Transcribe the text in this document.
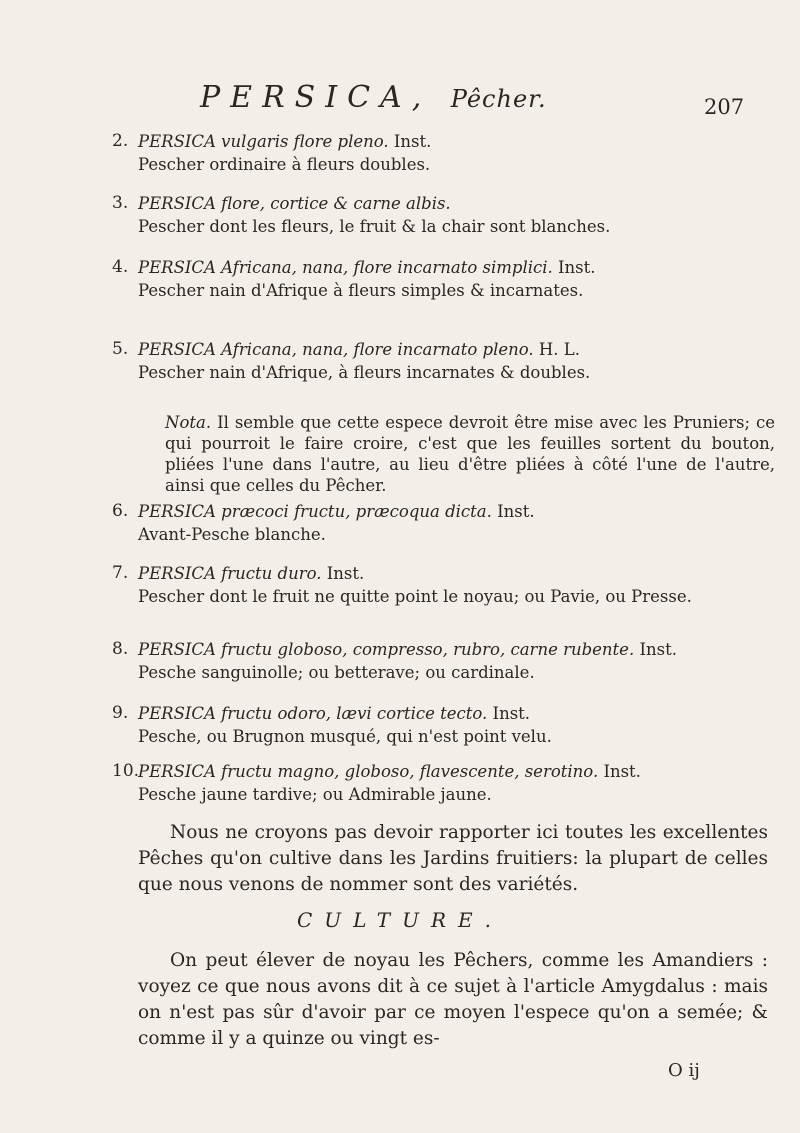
PERSICA, Pêcher.	207
2. PERSICA vulgaris flore pleno. Inst.
Pescher ordinaire à fleurs doubles.
3. PERSICA flore, cortice & carne albis.
Pescher dont les fleurs, le fruit & la chair sont blanches.
4. PERSICA Africana, nana, flore incarnato simplici. Inst.
Pescher nain d'Afrique à fleurs simples & incarnates.
5. PERSICA Africana, nana, flore incarnato pleno. H. L.
Pescher nain d'Afrique, à fleurs incarnates & doubles.
Nota. Il semble que cette espece devroit être mise avec les Pruniers; ce qui pourroit le faire croire, c'est que les feuilles sortent du bouton, pliées l'une dans l'autre, au lieu d'être pliées à côté l'une de l'autre, ainsi que celles du Pêcher.
6. PERSICA præcoci fructu, præcoqua dicta. Inst.
Avant-Pesche blanche.
7. PERSICA fructu duro. Inst.
Pescher dont le fruit ne quitte point le noyau; ou Pavie, ou Presse.
8. PERSICA fructu globoso, compresso, rubro, carne rubente. Inst.
Pesche sanguinolle; ou betterave; ou cardinale.
9. PERSICA fructu odoro, lævi cortice tecto. Inst.
Pesche, ou Brugnon musqué, qui n'est point velu.
10.
PERSICA fructu magno, globoso, flavescente, serotino. Inst.
Pesche jaune tardive; ou Admirable jaune.
Nous ne croyons pas devoir rapporter ici toutes les excellentes Pêches qu'on cultive dans les Jardins fruitiers: la plupart de celles que nous venons de nommer sont des variétés.
CULTURE.
On peut élever de noyau les Pêchers, comme les Amandiers : voyez ce que nous avons dit à ce sujet à l'article Amygdalus : mais on n'est pas sûr d'avoir par ce moyen l'espece qu'on a semée; & comme il y a quinze ou vingt es-
O ij
